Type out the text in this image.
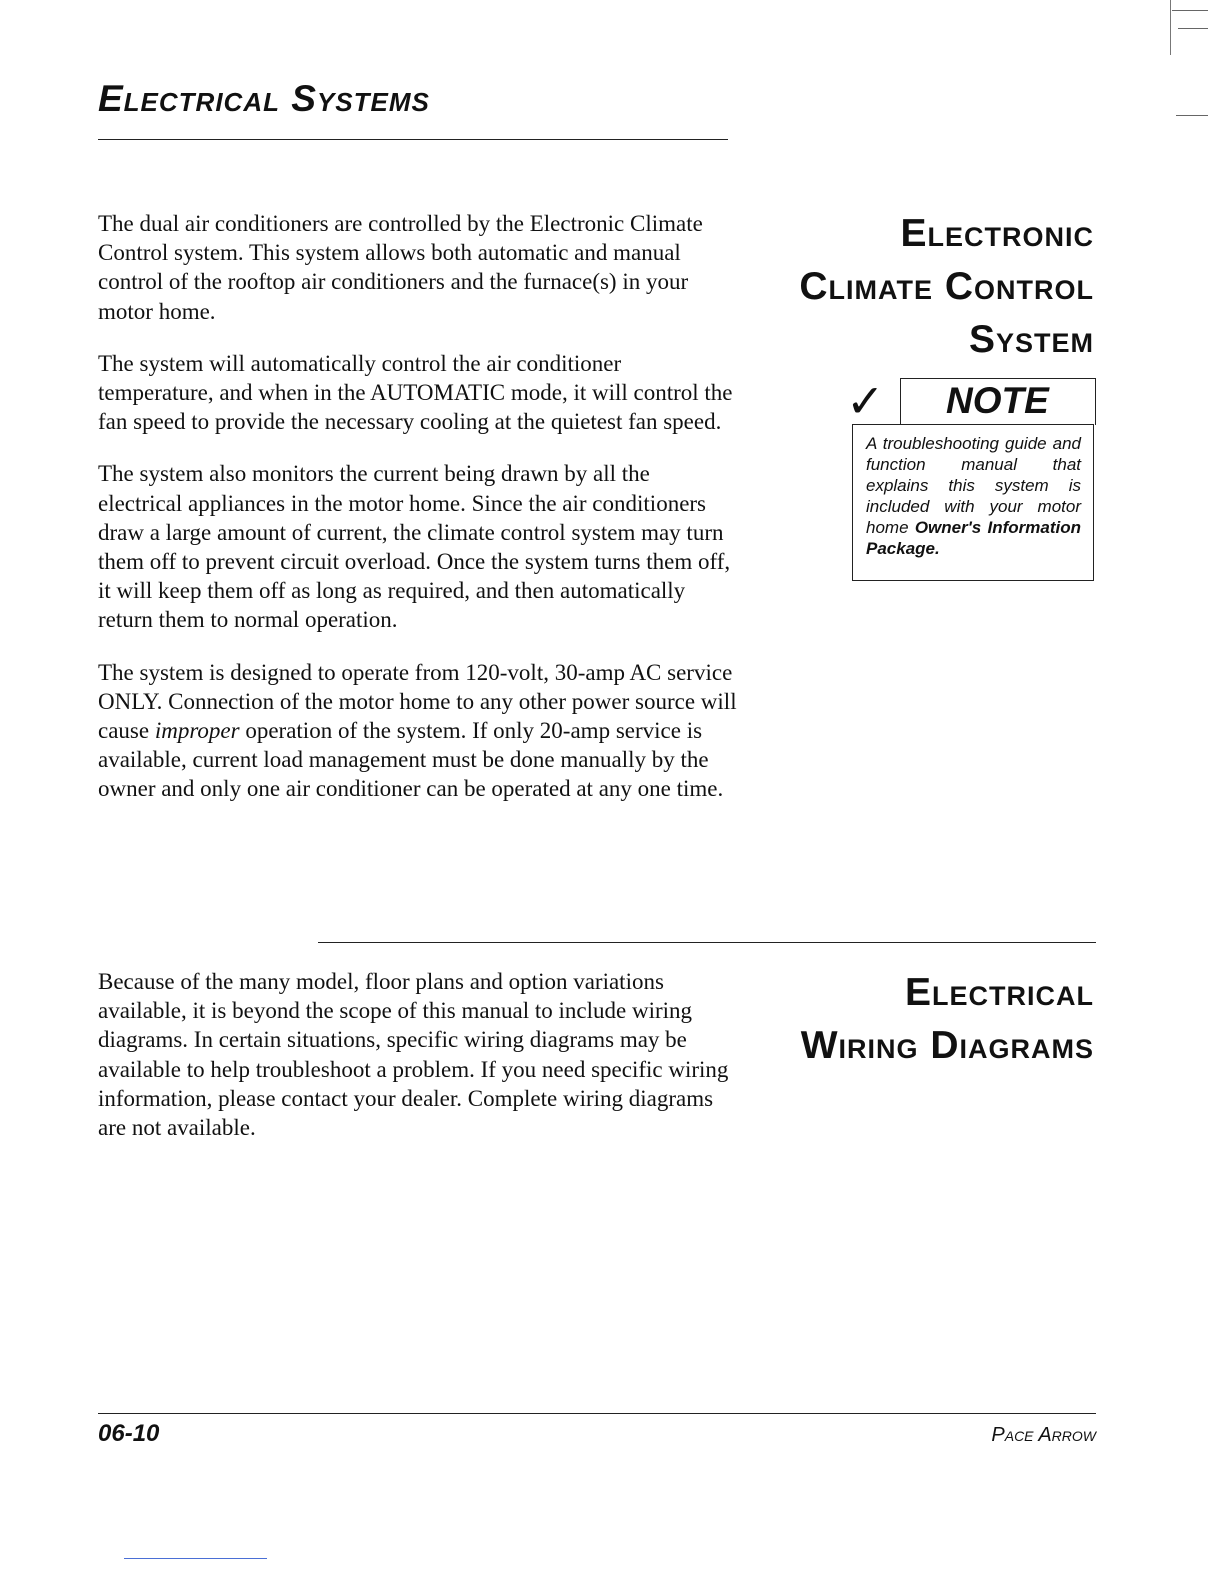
Electrical Systems

The dual air conditioners are controlled by the Electronic Climate Control system. This system allows both automatic and manual control of the rooftop air conditioners and the furnace(s) in your motor home.

The system will automatically control the air conditioner temperature, and when in the AUTOMATIC mode, it will control the fan speed to provide the necessary cooling at the quietest fan speed.

The system also monitors the current being drawn by all the electrical appliances in the motor home. Since the air conditioners draw a large amount of current, the climate control system may turn them off to prevent circuit overload. Once the system turns them off, it will keep them off as long as required, and then automatically return them to normal operation.

The system is designed to operate from 120-volt, 30-amp AC service ONLY. Connection of the motor home to any other power source will cause improper operation of the system. If only 20-amp service is available, current load management must be done manually by the owner and only one air conditioner can be operated at any one time.

Electronic
Climate Control
System
✓ NOTE

A troubleshooting guide and function manual that explains this system is included with your motor home Owner's Information Package.

Because of the many model, floor plans and option variations available, it is beyond the scope of this manual to include wiring diagrams. In certain situations, specific wiring diagrams may be available to help troubleshoot a problem. If you need specific wiring information, please contact your dealer. Complete wiring diagrams are not available.

Electrical
Wiring Diagrams
06-10	Pace Arrow
